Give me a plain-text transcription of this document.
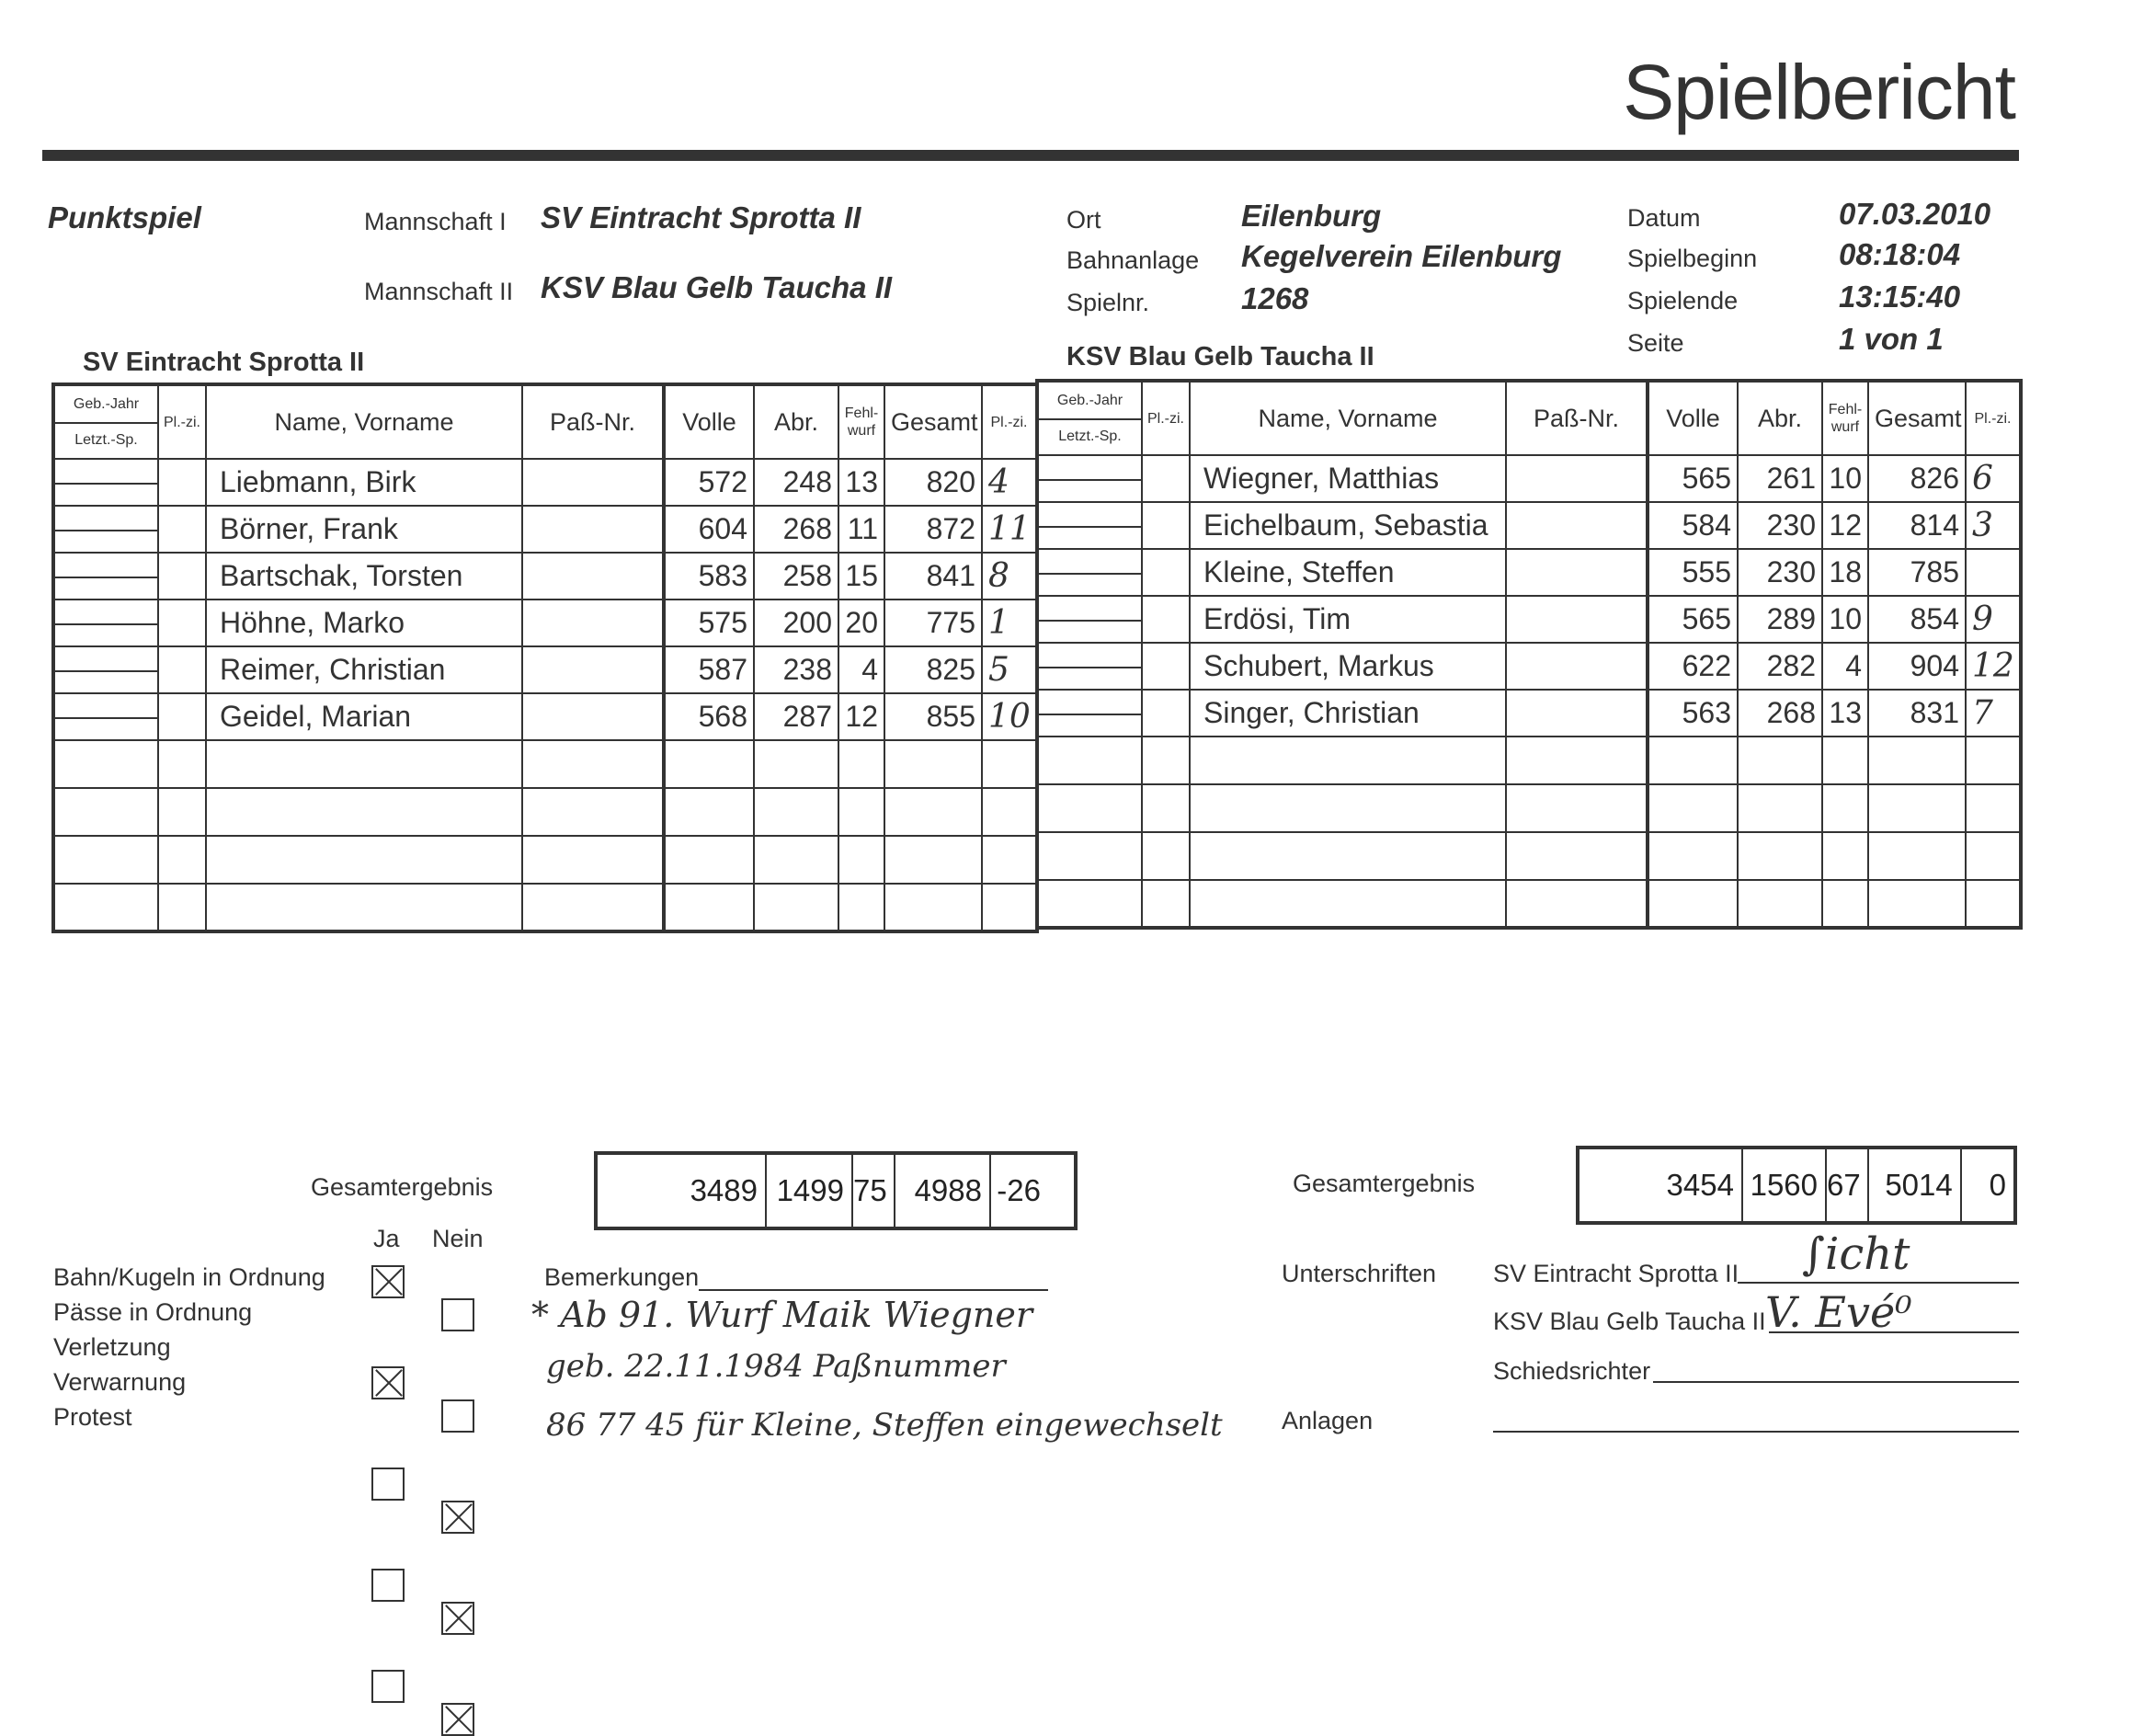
Spielbericht
Punktspiel	Mannschaft I SV Eintracht Sprotta II
Mannschaft II KSV Blau Gelb Taucha II
Ort	Eilenburg
Bahnanlage Kegelverein Eilenburg
Spielnr.	1268
Datum	07.03.2010
Spielbeginn	08:18:04
Spielende	13:15:40
Seite	1 von 1
SV Eintracht Sprotta II	KSV Blau Gelb Taucha II
Geb.-Jahr
Letzt.-Sp.	Pl.-zi.	Name, Vorname	Paß-Nr.	Volle	Abr.	Fehl-wurf	Gesamt	Pl.-zi.

		Liebmann, Birk		572	248	13	820	4

		Börner, Frank		604	268	11	872	11

		Bartschak, Torsten		583	258	15	841	8

		Höhne, Marko		575	200	20	775	1

		Reimer, Christian		587	238	4	825	5

		Geidel, Marian		568	287	12	855	10

Geb.-Jahr
Letzt.-Sp.	Pl.-zi.	Name, Vorname	Paß-Nr.	Volle	Abr.	Fehl-wurf	Gesamt	Pl.-zi.

		Wiegner, Matthias		565	261	10	826	6

		Eichelbaum, Sebastia		584	230	12	814	3

		Kleine, Steffen		555	230	18	785	

		Erdösi, Tim		565	289	10	854	9

		Schubert, Markus		622	282	4	904	12

		Singer, Christian		563	268	13	831	7

Gesamtergebnis	3489 1499 75 4988 -26	Gesamtergebnis	3454 1560 67 5014	0
Ja Nein
Bahn/Kugeln in Ordnung
Pässe in Ordnung
Verletzung
Verwarnung
Protest
Bemerkungen
* Ab 91. Wurf Maik Wiegner
geb. 22.11.1984 Paßnummer
86 77 45 für Kleine, Steffen eingewechselt
Unterschriften SV Eintracht Sprotta II ∫icht
KSV Blau Gelb Taucha II V. Evé⁰
Schiedsrichter
Anlagen
